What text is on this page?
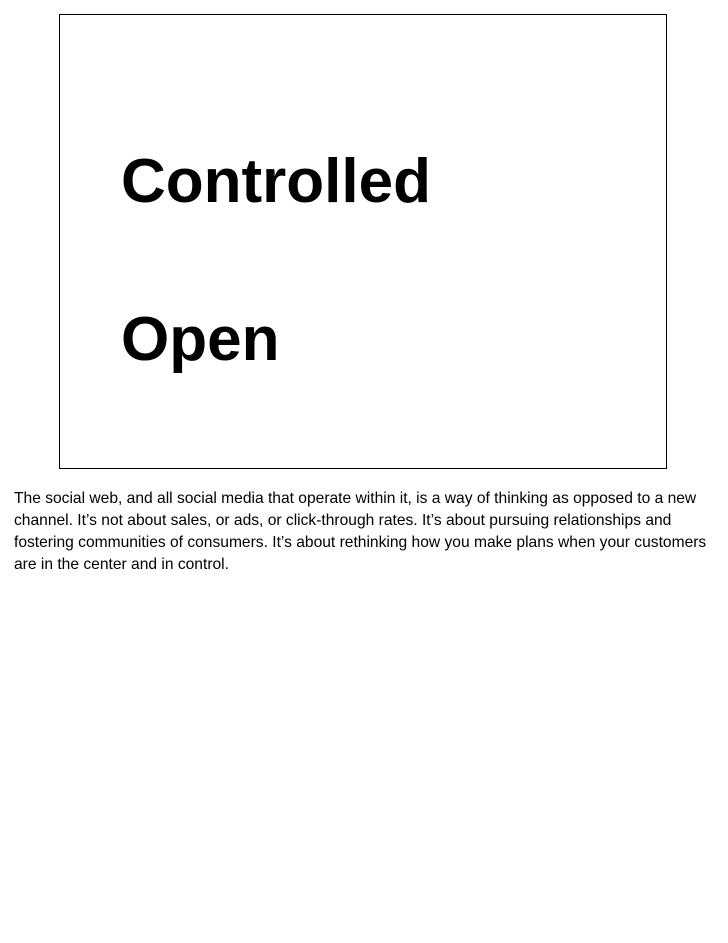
Controlled
Open

The social web, and all social media that operate within it, is a way of thinking as opposed to a new channel. It’s not about sales, or ads, or click-through rates. It’s about pursuing relationships and fostering communities of consumers. It’s about rethinking how you make plans when your customers are in the center and in control.
